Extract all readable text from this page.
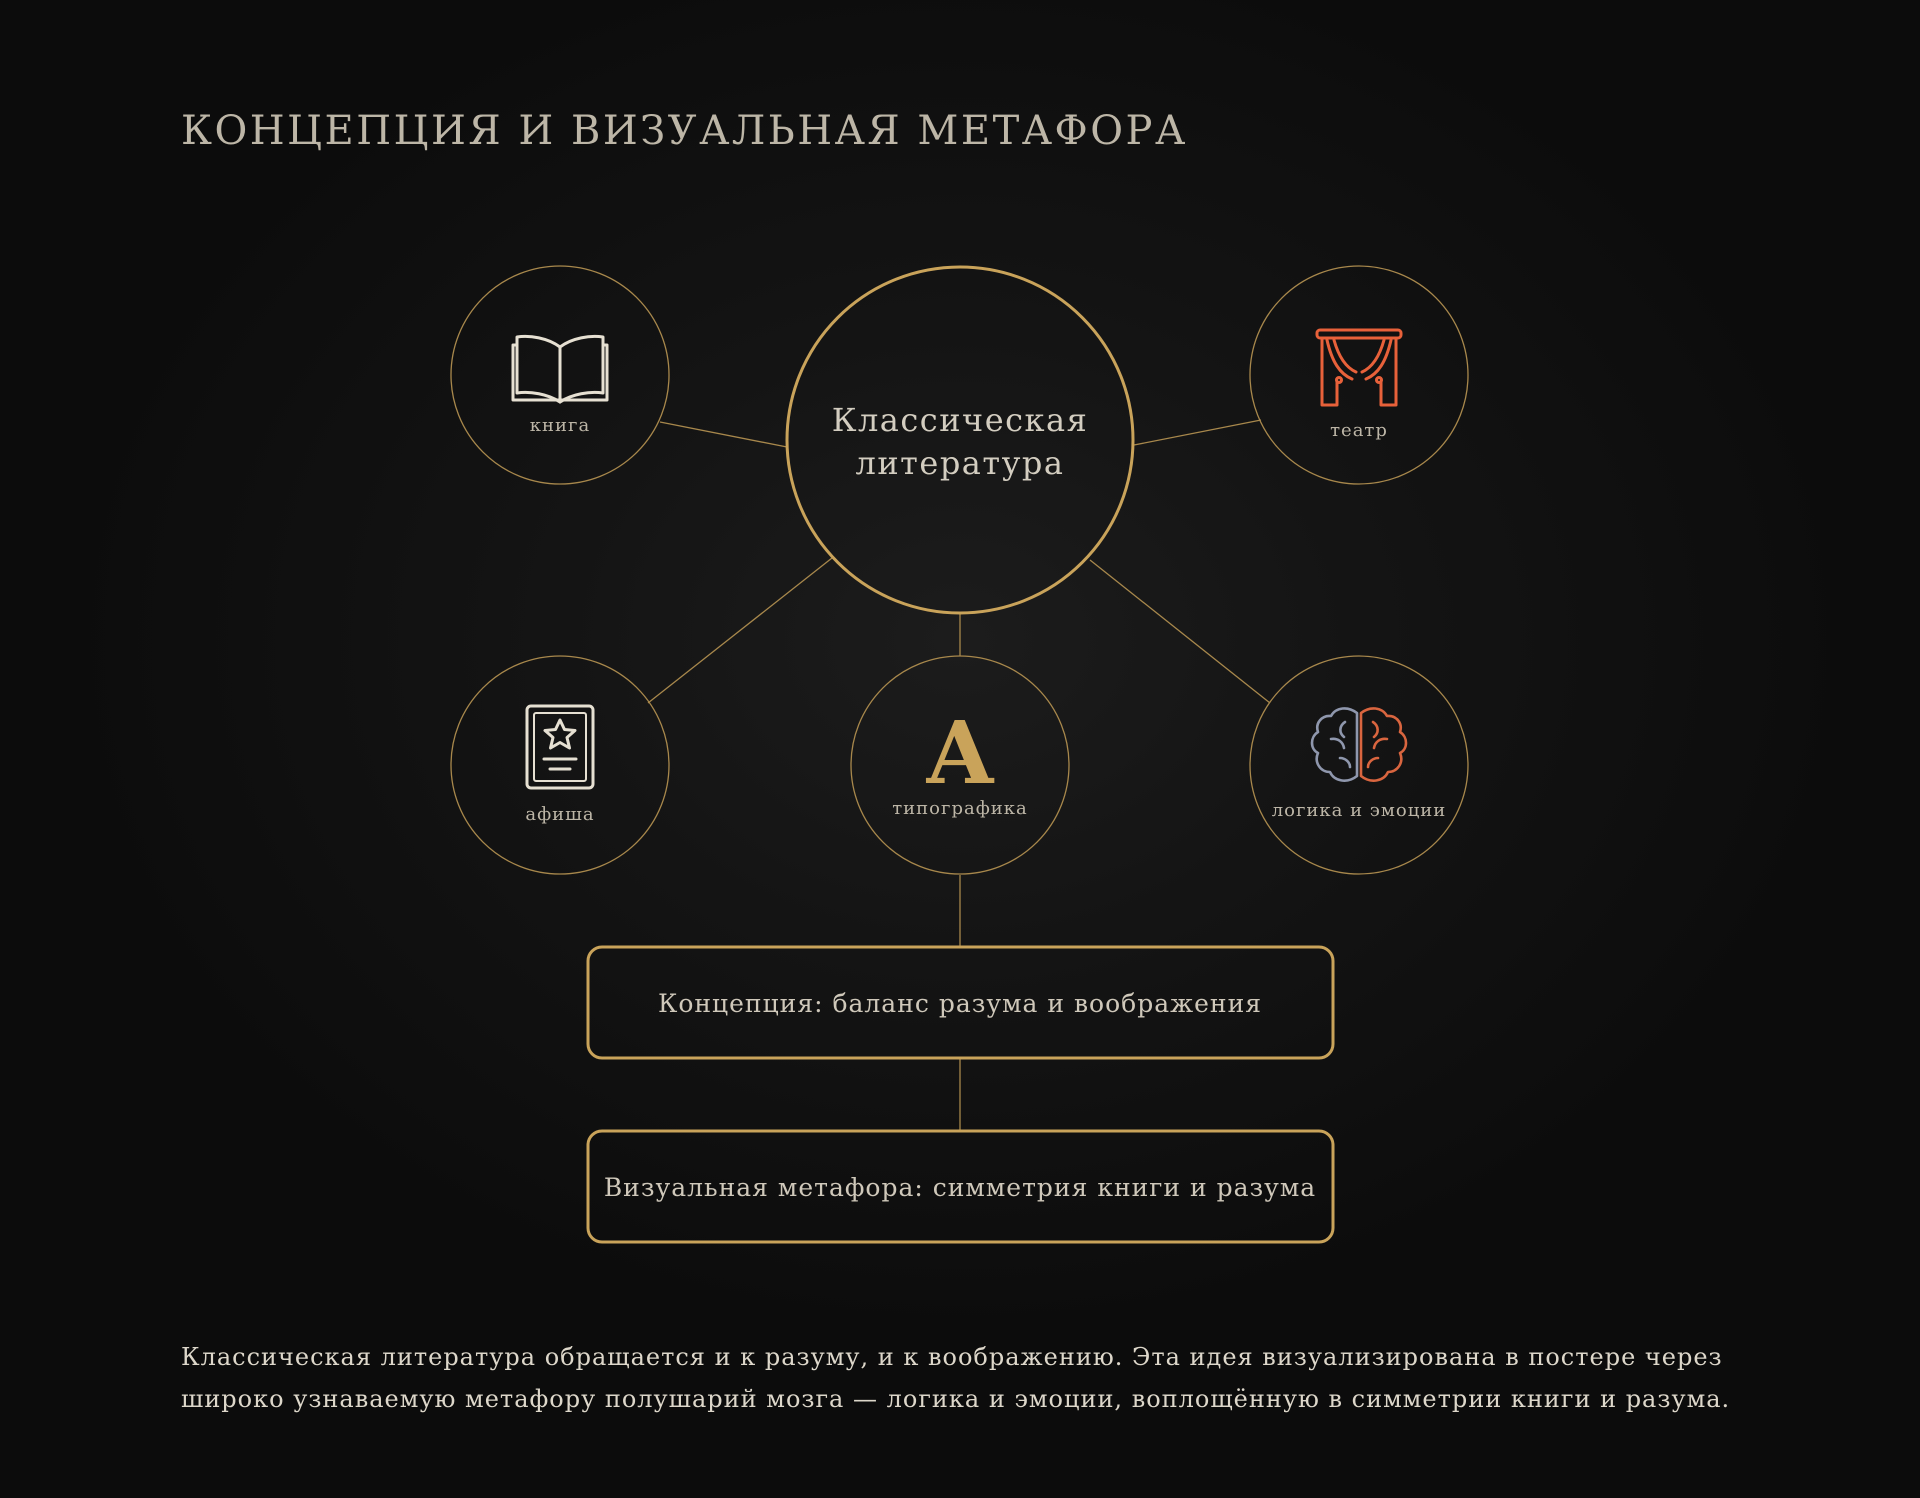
КОНЦЕПЦИЯ И ВИЗУАЛЬНАЯ МЕТАФОРА
Классическая
литература
книга	театр
афиша
A
типографика	логика и эмоции
Концепция: баланс разума и воображения
Визуальная метафора: симметрия книги и разума

Классическая литература обращается и к разуму, и к воображению. Эта идея визуализирована в постере через
широко узнаваемую метафору полушарий мозга — логика и эмоции, воплощённую в симметрии книги и разума.
